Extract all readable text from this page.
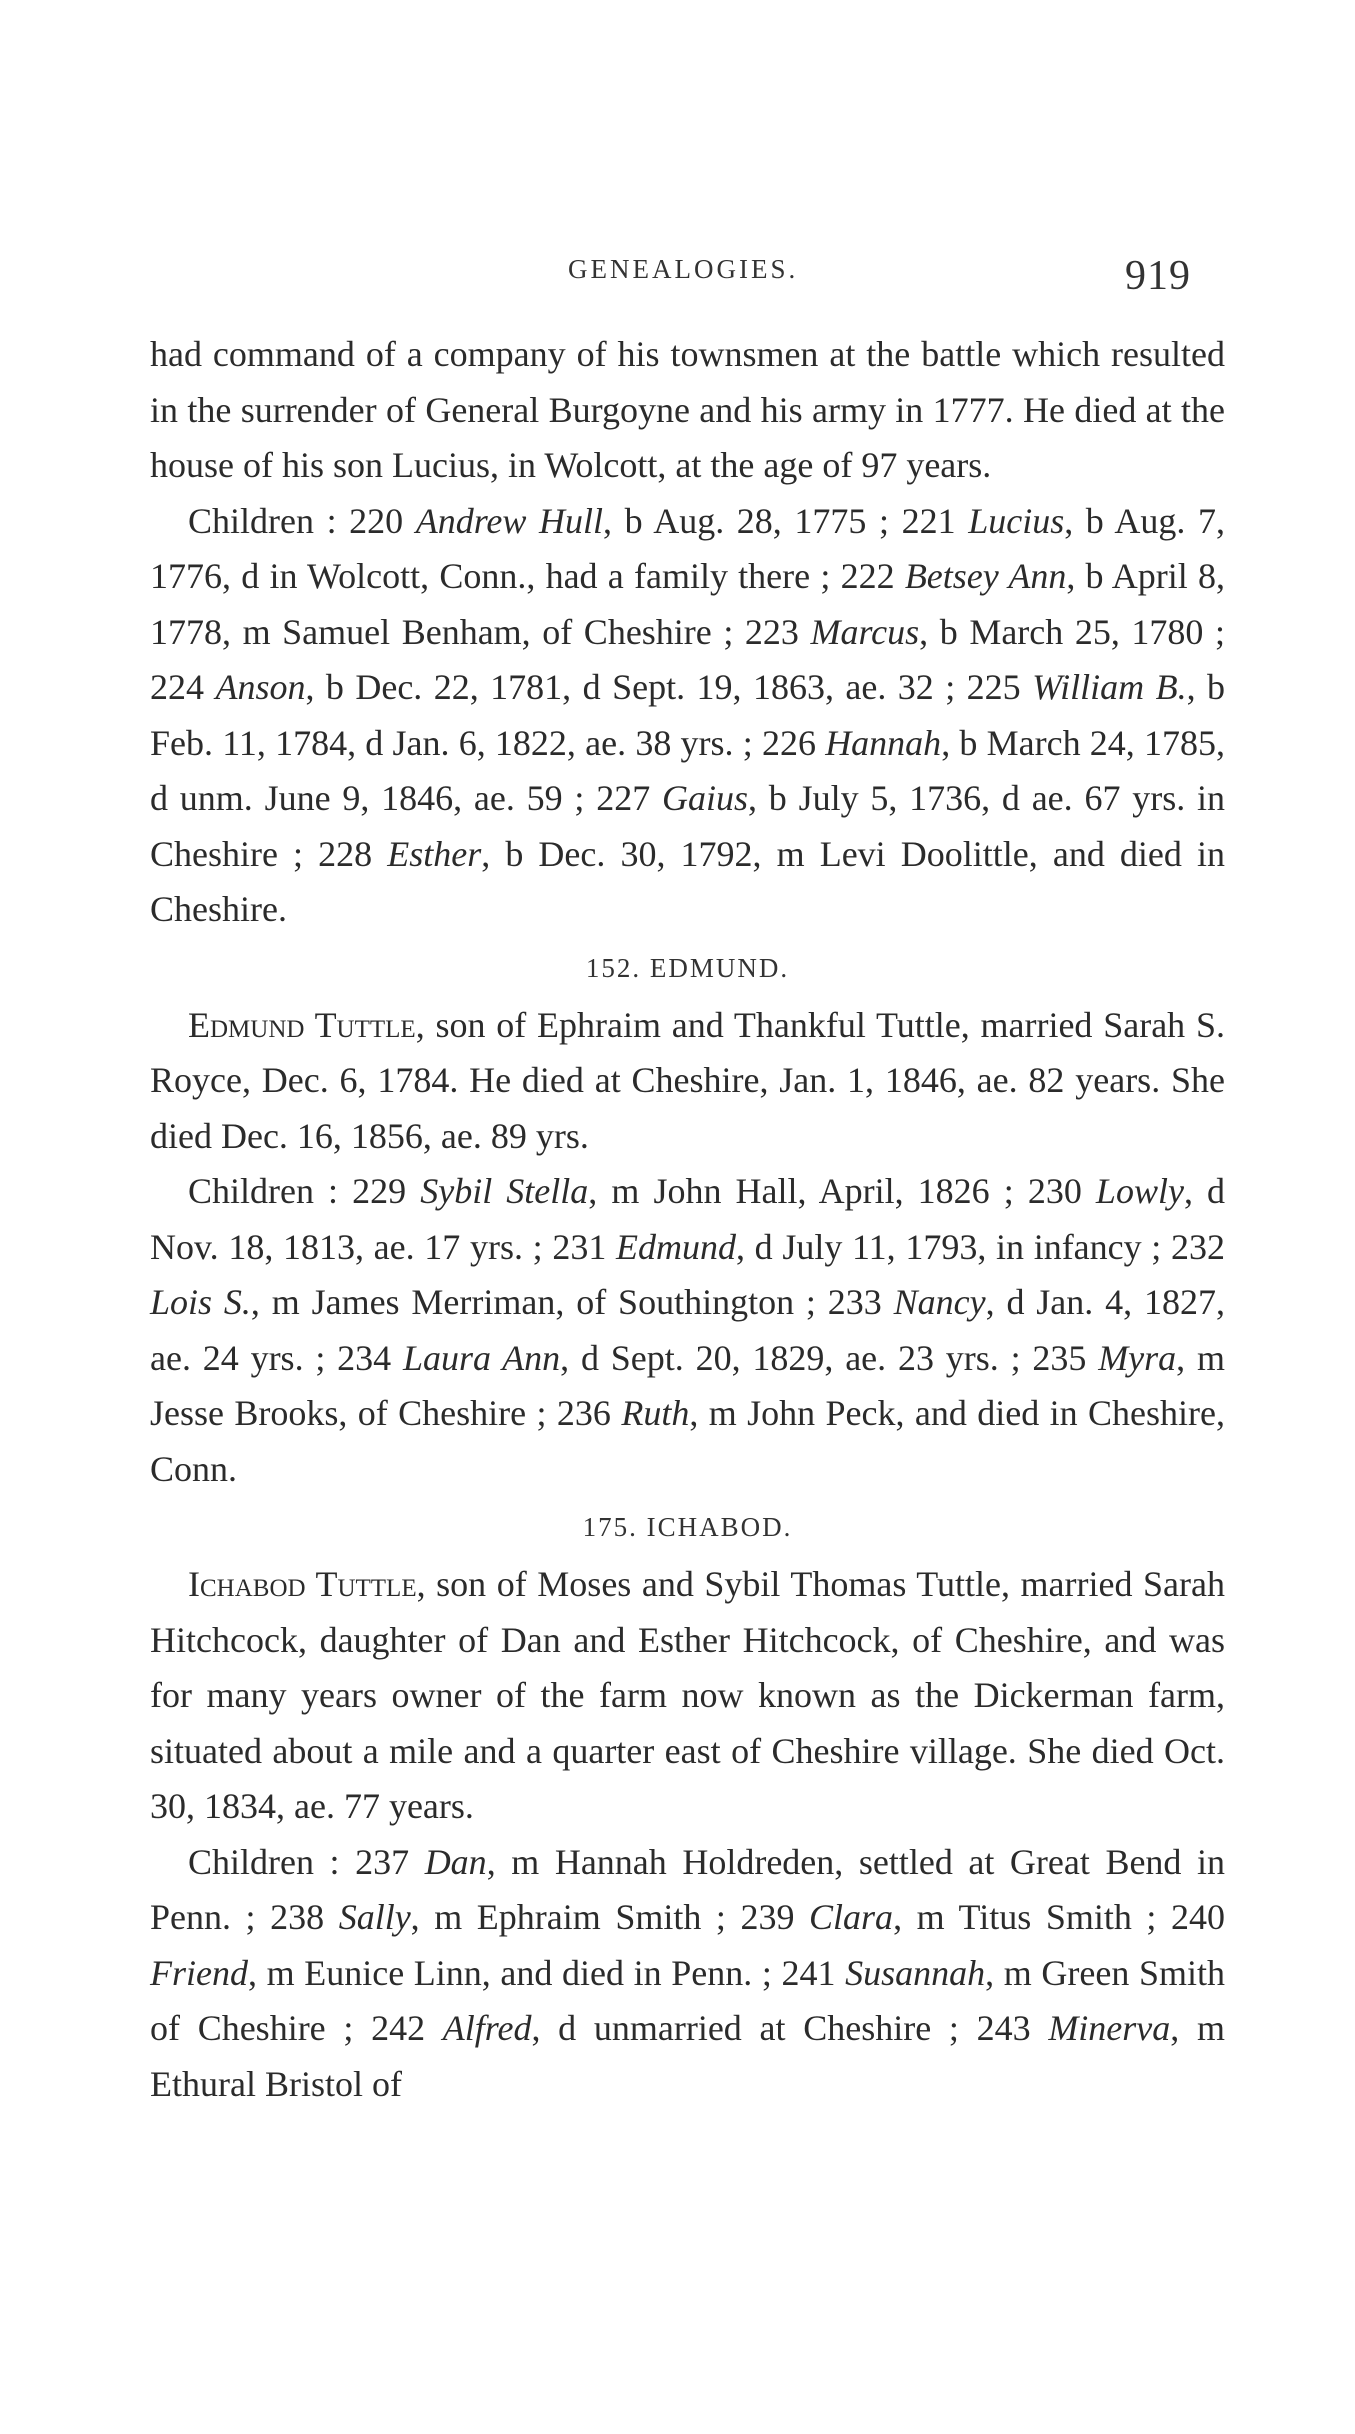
GENEALOGIES.	919

had command of a company of his townsmen at the battle which resulted in the surrender of General Burgoyne and his army in 1777. He died at the house of his son Lucius, in Wolcott, at the age of 97 years.

Children : 220 Andrew Hull, b Aug. 28, 1775 ; 221 Lucius, b Aug. 7, 1776, d in Wolcott, Conn., had a family there ; 222 Betsey Ann, b April 8, 1778, m Samuel Benham, of Cheshire ; 223 Marcus, b March 25, 1780 ; 224 Anson, b Dec. 22, 1781, d Sept. 19, 1863, ae. 32 ; 225 William B., b Feb. 11, 1784, d Jan. 6, 1822, ae. 38 yrs. ; 226 Hannah, b March 24, 1785, d unm. June 9, 1846, ae. 59 ; 227 Gaius, b July 5, 1736, d ae. 67 yrs. in Cheshire ; 228 Esther, b Dec. 30, 1792, m Levi Doolittle, and died in Cheshire.

152. EDMUND.

Edmund Tuttle, son of Ephraim and Thankful Tuttle, married Sarah S. Royce, Dec. 6, 1784. He died at Cheshire, Jan. 1, 1846, ae. 82 years. She died Dec. 16, 1856, ae. 89 yrs.

Children : 229 Sybil Stella, m John Hall, April, 1826 ; 230 Lowly, d Nov. 18, 1813, ae. 17 yrs. ; 231 Edmund, d July 11, 1793, in infancy ; 232 Lois S., m James Merriman, of Southington ; 233 Nancy, d Jan. 4, 1827, ae. 24 yrs. ; 234 Laura Ann, d Sept. 20, 1829, ae. 23 yrs. ; 235 Myra, m Jesse Brooks, of Cheshire ; 236 Ruth, m John Peck, and died in Cheshire, Conn.

175. ICHABOD.

Ichabod Tuttle, son of Moses and Sybil Thomas Tuttle, married Sarah Hitchcock, daughter of Dan and Esther Hitchcock, of Cheshire, and was for many years owner of the farm now known as the Dickerman farm, situated about a mile and a quarter east of Cheshire village. She died Oct. 30, 1834, ae. 77 years.

Children : 237 Dan, m Hannah Holdreden, settled at Great Bend in Penn. ; 238 Sally, m Ephraim Smith ; 239 Clara, m Titus Smith ; 240 Friend, m Eunice Linn, and died in Penn. ; 241 Susannah, m Green Smith of Cheshire ; 242 Alfred, d unmarried at Cheshire ; 243 Minerva, m Ethural Bristol of
